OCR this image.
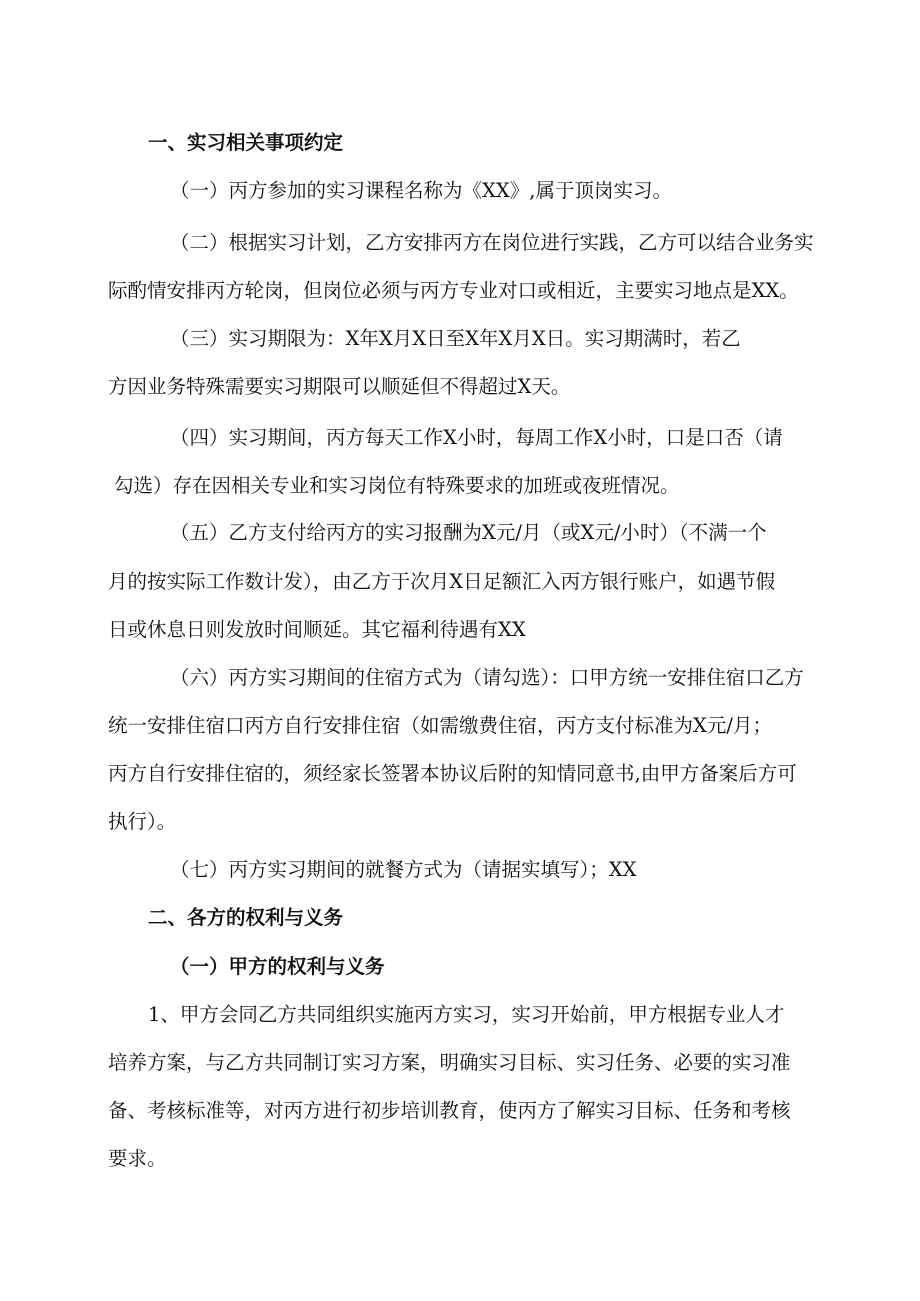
一、实习相关事项约定
（一）丙方参加的实习课程名称为《XX》,属于顶岗实习。
（二）根据实习计划，乙方安排丙方在岗位进行实践，乙方可以结合业务实
际酌情安排丙方轮岗，但岗位必须与丙方专业对口或相近，主要实习地点是XX。
（三）实习期限为：X年X月X日至X年X月X日。实习期满时，若乙
方因业务特殊需要实习期限可以顺延但不得超过X天。
（四）实习期间，丙方每天工作X小时，每周工作X小时，口是口否（请
勾选）存在因相关专业和实习岗位有特殊要求的加班或夜班情况。
（五）乙方支付给丙方的实习报酬为X元/月（或X元/小时）（不满一个
月的按实际工作数计发），由乙方于次月X日足额汇入丙方银行账户，如遇节假
日或休息日则发放时间顺延。其它福利待遇有XX
（六）丙方实习期间的住宿方式为（请勾选）：口甲方统一安排住宿口乙方
统一安排住宿口丙方自行安排住宿（如需缴费住宿，丙方支付标准为X元/月；
丙方自行安排住宿的，须经家长签署本协议后附的知情同意书,由甲方备案后方可
执行）。
（七）丙方实习期间的就餐方式为（请据实填写）；XX
二、各方的权利与义务
（一）甲方的权利与义务
1、甲方会同乙方共同组织实施丙方实习，实习开始前，甲方根据专业人才
培养方案，与乙方共同制订实习方案，明确实习目标、实习任务、必要的实习准
备、考核标准等，对丙方进行初步培训教育，使丙方了解实习目标、任务和考核
要求。
